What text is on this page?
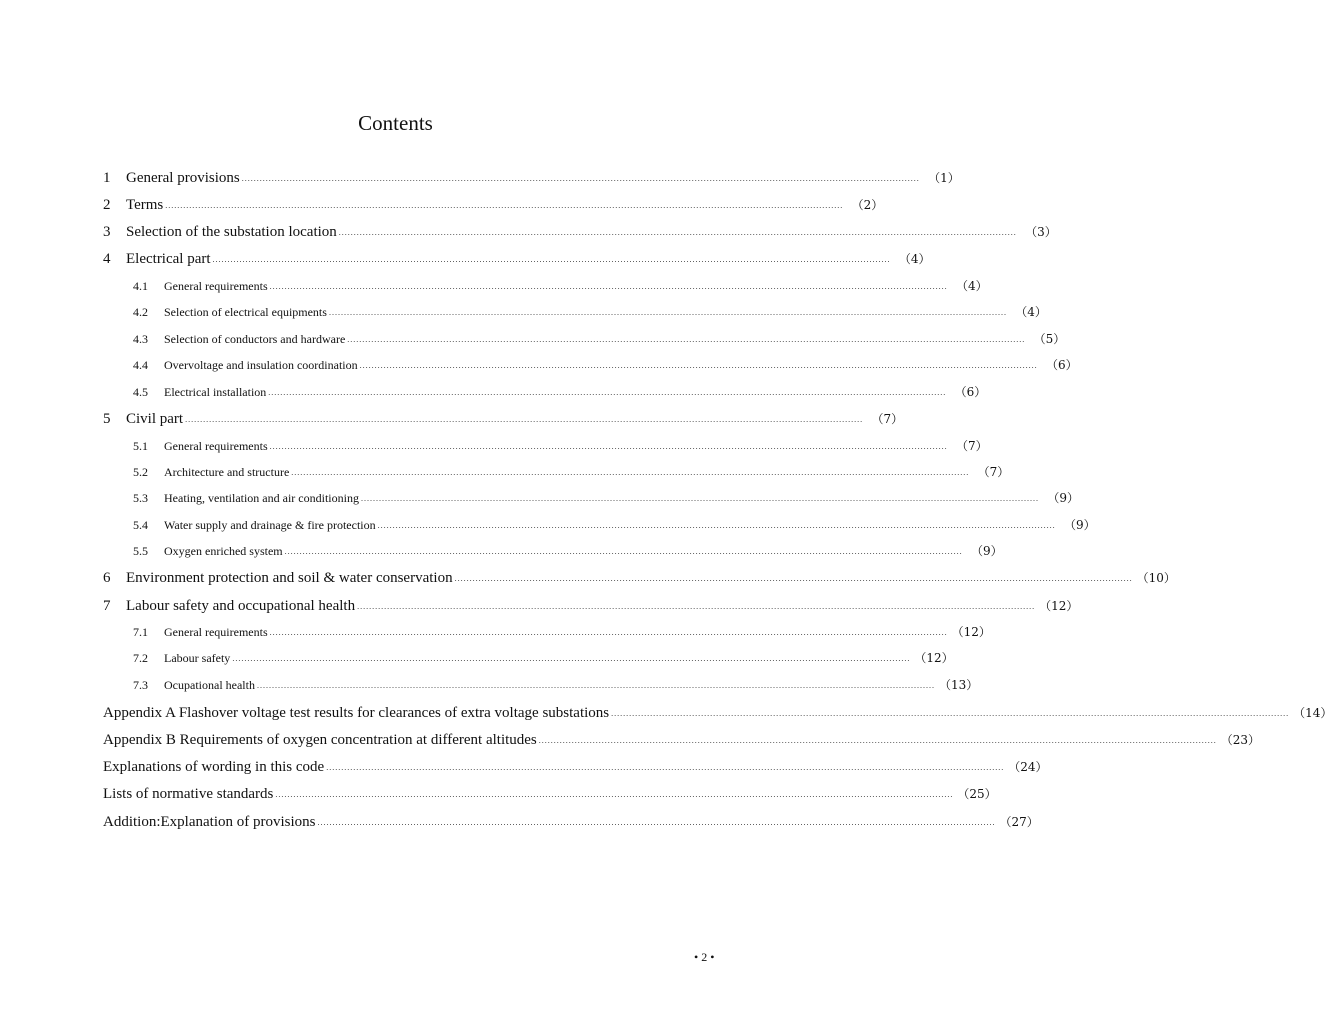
Contents
1	General provisions .................................................................................................................................................................................................................................. （1）
2	Terms .................................................................................................................................................................................................................................. （2）
3	Selection of the substation location .................................................................................................................................................................................................................................. （3）
4	Electrical part .................................................................................................................................................................................................................................. （4）
4.1	General requirements .................................................................................................................................................................................................................................. （4）
4.2	Selection of electrical equipments .................................................................................................................................................................................................................................. （4）
4.3	Selection of conductors and hardware .................................................................................................................................................................................................................................. （5）
4.4	Overvoltage and insulation coordination .................................................................................................................................................................................................................................. （6）
4.5	Electrical installation .................................................................................................................................................................................................................................. （6）
5	Civil part .................................................................................................................................................................................................................................. （7）
5.1	General requirements .................................................................................................................................................................................................................................. （7）
5.2	Architecture and structure .................................................................................................................................................................................................................................. （7）
5.3	Heating, ventilation and air conditioning .................................................................................................................................................................................................................................. （9）
5.4	Water supply and drainage & fire protection .................................................................................................................................................................................................................................. （9）
5.5	Oxygen enriched system .................................................................................................................................................................................................................................. （9）
6	Environment protection and soil & water conservation .................................................................................................................................................................................................................................. （10）
7	Labour safety and occupational health .................................................................................................................................................................................................................................. （12）
7.1	General requirements .................................................................................................................................................................................................................................. （12）
7.2	Labour safety .................................................................................................................................................................................................................................. （12）
7.3	Ocupational health .................................................................................................................................................................................................................................. （13）
Appendix A Flashover voltage test results for clearances of extra voltage substations .................................................................................................................................................................................................................................. （14）
Appendix B Requirements of oxygen concentration at different altitudes .................................................................................................................................................................................................................................. （23）
Explanations of wording in this code .................................................................................................................................................................................................................................. （24）
Lists of normative standards .................................................................................................................................................................................................................................. （25）
Addition:Explanation of provisions .................................................................................................................................................................................................................................. （27）
• 2 •
